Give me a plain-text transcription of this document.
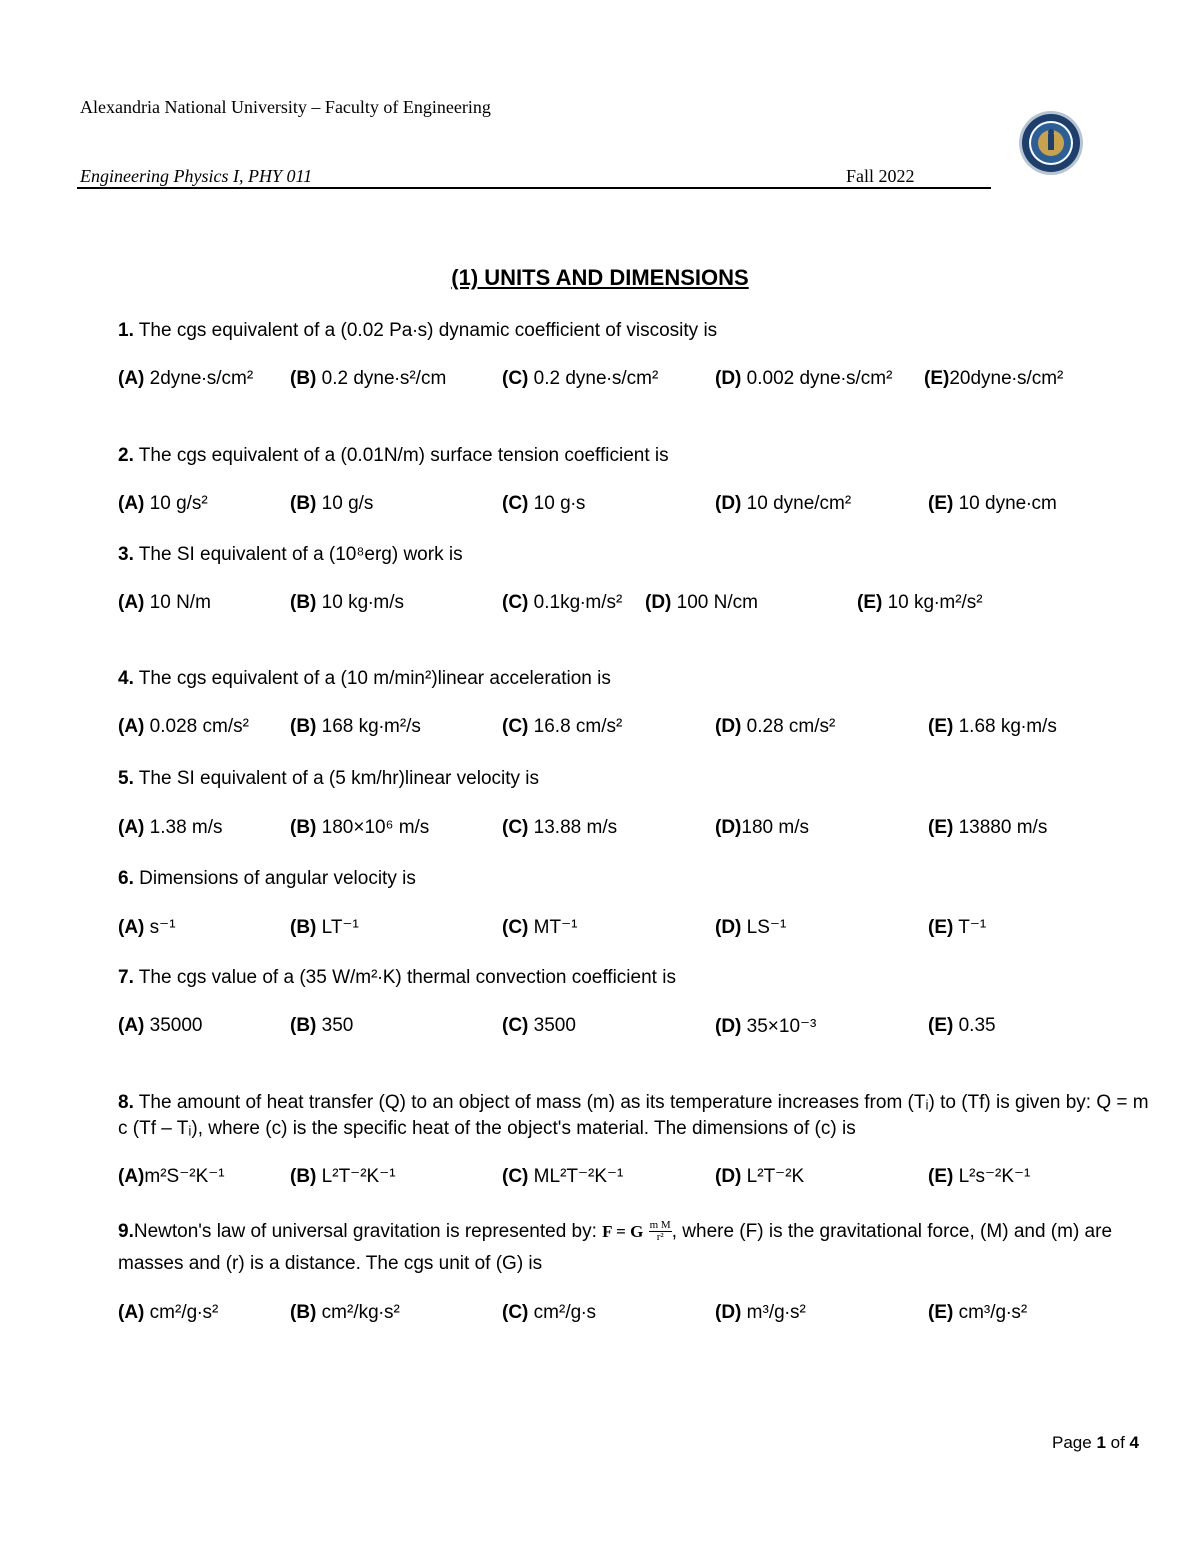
Alexandria National University – Faculty of Engineering
Engineering Physics I, PHY 011	Fall 2022
(1) UNITS AND DIMENSIONS
1. The cgs equivalent of a (0.02 Pa∙s) dynamic coefficient of viscosity is
(A) 2dyne∙s/cm² (B) 0.2 dyne∙s²/cm	(C) 0.2 dyne∙s/cm²	(D) 0.002 dyne∙s/cm² (E)20dyne∙s/cm²
2. The cgs equivalent of a (0.01N/m) surface tension coefficient is
(A) 10 g/s²	(B) 10 g/s	(C) 10 g∙s	(D) 10 dyne/cm²	(E) 10 dyne∙cm
3. The SI equivalent of a (10⁸erg) work is
(A) 10 N/m	(B) 10 kg∙m/s	(C) 0.1kg∙m/s² (D) 100 N/cm	(E) 10 kg∙m²/s²
4. The cgs equivalent of a (10 m/min²)linear acceleration is
(A) 0.028 cm/s² (B) 168 kg∙m²/s	(C) 16.8 cm/s²	(D) 0.28 cm/s²	(E) 1.68 kg∙m/s
5. The SI equivalent of a (5 km/hr)linear velocity is
(A) 1.38 m/s	(B) 180×10⁶ m/s	(C) 13.88 m/s	(D)180 m/s	(E) 13880 m/s
6. Dimensions of angular velocity is
(A) s⁻¹	(B) LT⁻¹	(C) MT⁻¹	(D) LS⁻¹	(E) T⁻¹
7. The cgs value of a (35 W/m²∙K) thermal convection coefficient is
(A) 35000	(B) 350	(C) 3500	(D) 35×10⁻³	(E) 0.35
8. The amount of heat transfer (Q) to an object of mass (m) as its temperature increases from (Tᵢ) to (Tf) is given by: Q = m c (Tf – Tᵢ), where (c) is the specific heat of the object's material. The dimensions of (c) is
(A)m²S⁻²K⁻¹	(B) L²T⁻²K⁻¹	(C) ML²T⁻²K⁻¹	(D) L²T⁻²K	(E) L²s⁻²K⁻¹
9.Newton's law of universal gravitation is represented by: F = G $\frac{\text{m M}}{\text{r²}}$ , where (F) is the gravitational force, (M) and (m) are masses and (r) is a distance. The cgs unit of (G) is
(A) cm²/g∙s²	(B) cm²/kg∙s²	(C) cm²/g∙s	(D) m³/g∙s²	(E) cm³/g∙s²
Page 1 of 4
